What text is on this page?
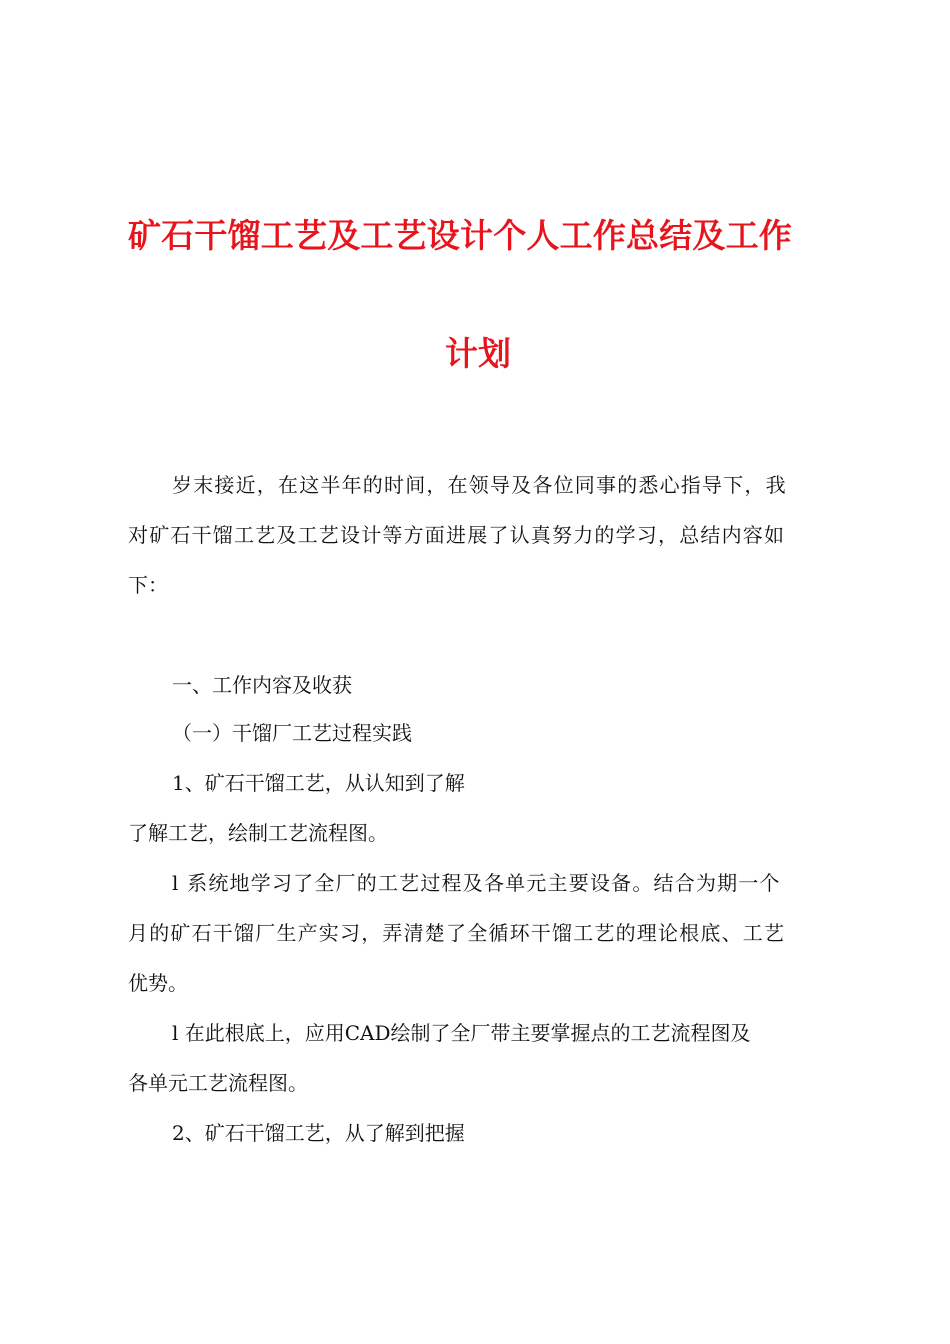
矿石干馏工艺及工艺设计个人工作总结及工作
计划
岁末接近，在这半年的时间，在领导及各位同事的悉心指导下，我
对矿石干馏工艺及工艺设计等方面进展了认真努力的学习，总结内容如
下：
一、工作内容及收获
（一）干馏厂工艺过程实践
1、矿石干馏工艺，从认知到了解
了解工艺，绘制工艺流程图。
l 系统地学习了全厂的工艺过程及各单元主要设备。结合为期一个
月的矿石干馏厂生产实习，弄清楚了全循环干馏工艺的理论根底、工艺
优势。
l 在此根底上，应用CAD绘制了全厂带主要掌握点的工艺流程图及
各单元工艺流程图。
2、矿石干馏工艺，从了解到把握
